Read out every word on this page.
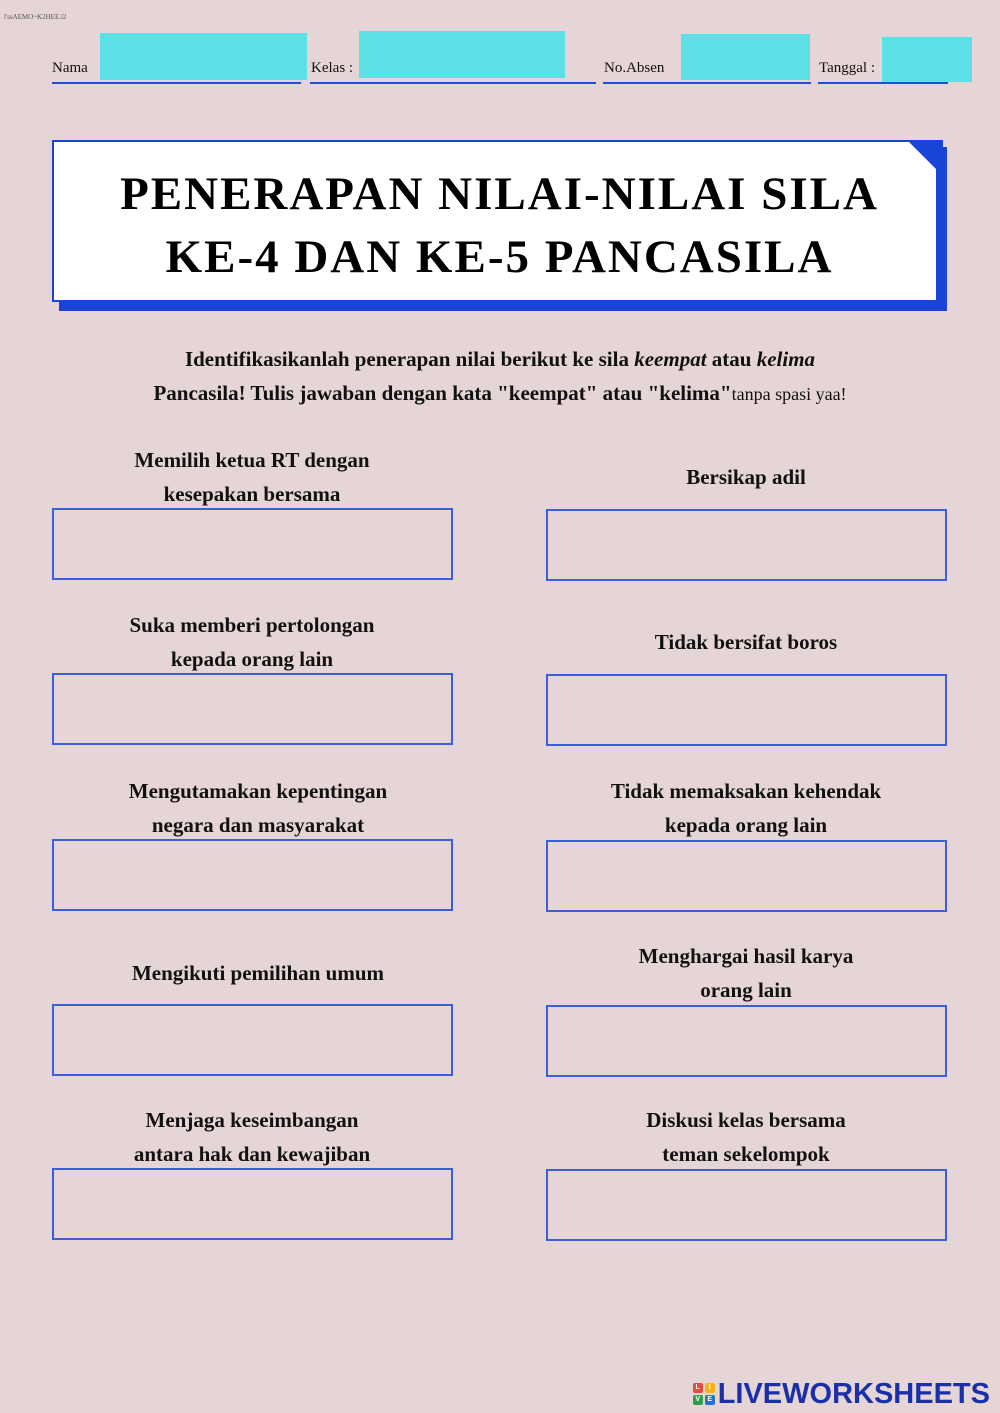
l'ssAEMO~K2HEE.l2
Nama	Kelas :	No.Absen	Tanggal :
PENERAPAN NILAI-NILAI SILA
KE-4 DAN KE-5 PANCASILA
Identifikasikanlah penerapan nilai berikut ke sila keempat atau kelima
Pancasila! Tulis jawaban dengan kata "keempat" atau "kelima"tanpa spasi yaa!
Memilih ketua RT dengan
kesepakan bersama
Bersikap adil
Suka memberi pertolongan
kepada orang lain
Tidak bersifat boros
Mengutamakan kepentingan
negara dan masyarakat
Tidak memaksakan kehendak
kepada orang lain
Mengikuti pemilihan umum
Menghargai hasil karya
orang lain
Menjaga keseimbangan
antara hak dan kewajiban
Diskusi kelas bersama
teman sekelompok
L	I
V	E LIVEWORKSHEETS
